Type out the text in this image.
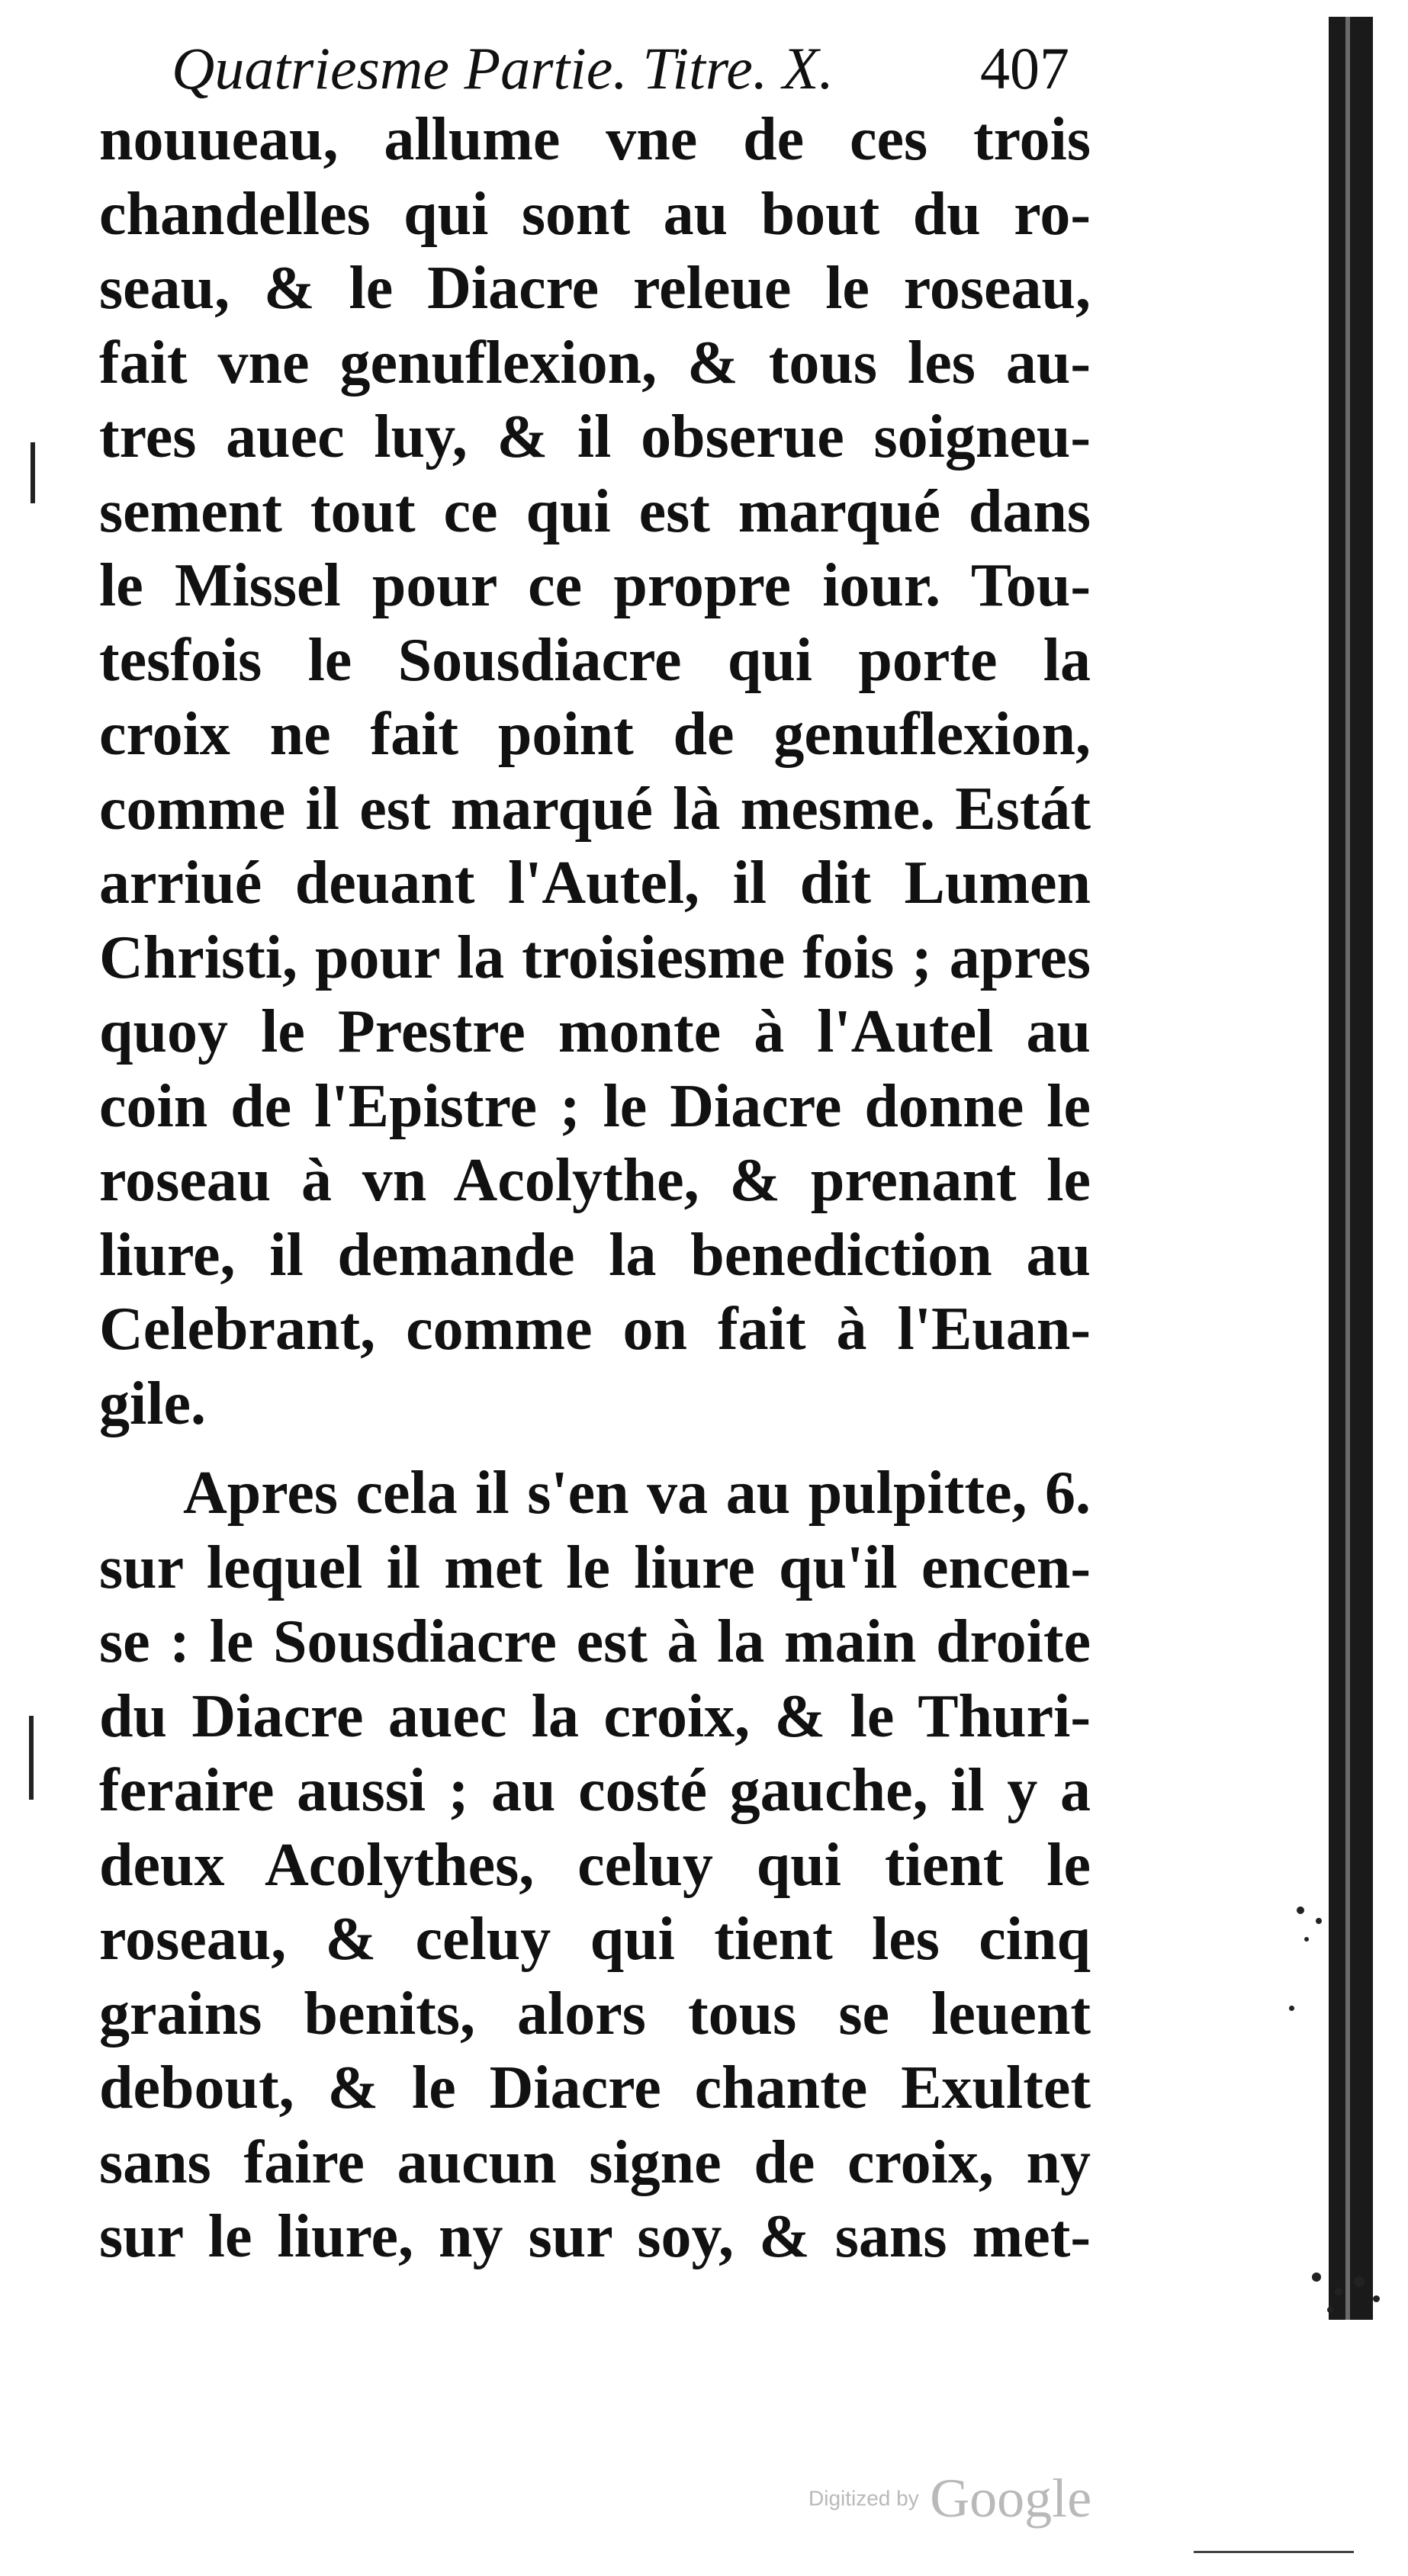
Quatriesme Partie. Titre. X. 407
nouueau, allume vne de ces trois
chandelles qui sont au bout du ro-
seau, & le Diacre releue le roseau,
fait vne genuflexion, & tous les au-
tres auec luy, & il obserue soigneu-
sement tout ce qui est marqué dans
le Missel pour ce propre iour. Tou-
tesfois le Sousdiacre qui porte la
croix ne fait point de genuflexion,
comme il est marqué là mesme. Estát
arriué deuant l'Autel, il dit Lumen
Christi, pour la troisiesme fois ; apres
quoy le Prestre monte à l'Autel au
coin de l'Epistre ; le Diacre donne le
roseau à vn Acolythe, & prenant le
liure, il demande la benediction au
Celebrant, comme on fait à l'Euan-
gile.
Apres cela il s'en va au pulpitte, 6.
sur lequel il met le liure qu'il encen-
se : le Sousdiacre est à la main droite
du Diacre auec la croix, & le Thuri-
feraire aussi ; au costé gauche, il y a
deux Acolythes, celuy qui tient le
roseau, & celuy qui tient les cinq
grains benits, alors tous se leuent
debout, & le Diacre chante Exultet
sans faire aucun signe de croix, ny
sur le liure, ny sur soy, & sans met-
Digitized by Google
